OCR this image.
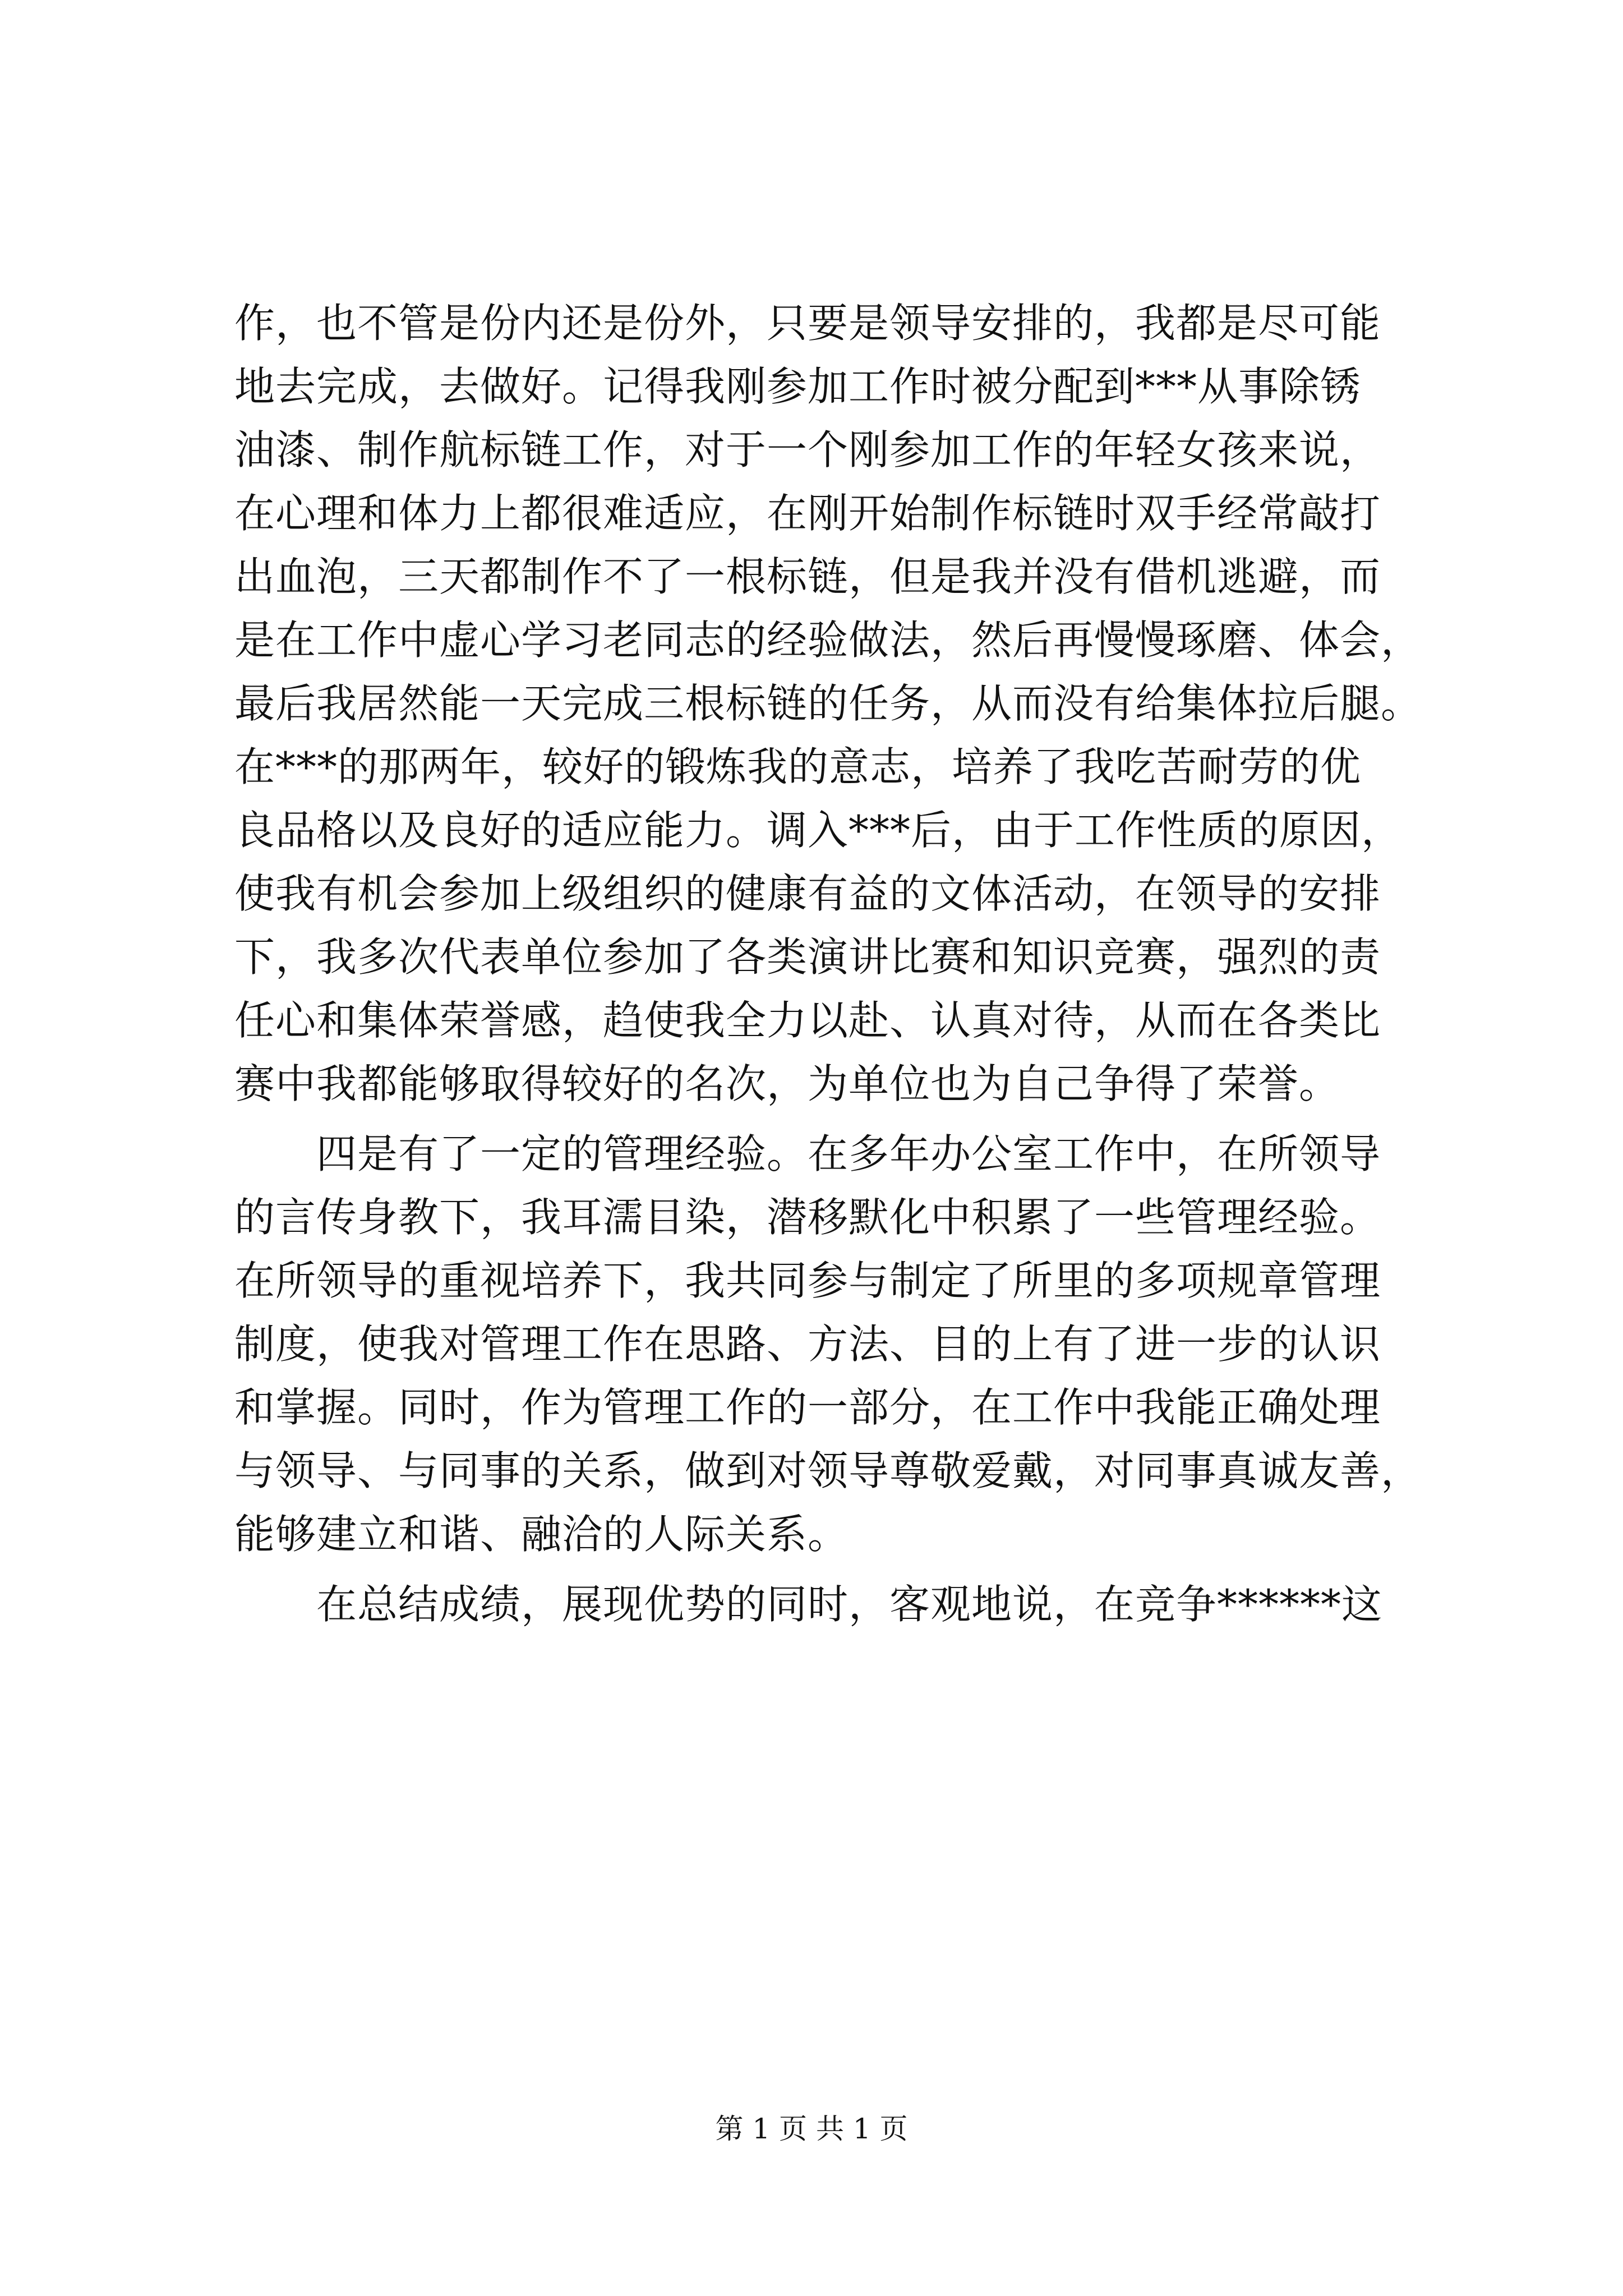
作，也不管是份内还是份外，只要是领导安排的，我都是尽可能
地去完成，去做好。记得我刚参加工作时被分配到***从事除锈
油漆、制作航标链工作，对于一个刚参加工作的年轻女孩来说，
在心理和体力上都很难适应，在刚开始制作标链时双手经常敲打
出血泡，三天都制作不了一根标链，但是我并没有借机逃避，而
是在工作中虚心学习老同志的经验做法，然后再慢慢琢磨、体会，
最后我居然能一天完成三根标链的任务，从而没有给集体拉后腿。
在***的那两年，较好的锻炼我的意志，培养了我吃苦耐劳的优
良品格以及良好的适应能力。调入***后，由于工作性质的原因，
使我有机会参加上级组织的健康有益的文体活动，在领导的安排
下，我多次代表单位参加了各类演讲比赛和知识竞赛，强烈的责
任心和集体荣誉感，趋使我全力以赴、认真对待，从而在各类比
赛中我都能够取得较好的名次，为单位也为自己争得了荣誉。
　　四是有了一定的管理经验。在多年办公室工作中，在所领导
的言传身教下，我耳濡目染，潜移默化中积累了一些管理经验。
在所领导的重视培养下，我共同参与制定了所里的多项规章管理
制度，使我对管理工作在思路、方法、目的上有了进一步的认识
和掌握。同时，作为管理工作的一部分，在工作中我能正确处理
与领导、与同事的关系，做到对领导尊敬爱戴，对同事真诚友善，
能够建立和谐、融洽的人际关系。
　　在总结成绩，展现优势的同时，客观地说，在竞争******这
第 1 页 共 1 页
